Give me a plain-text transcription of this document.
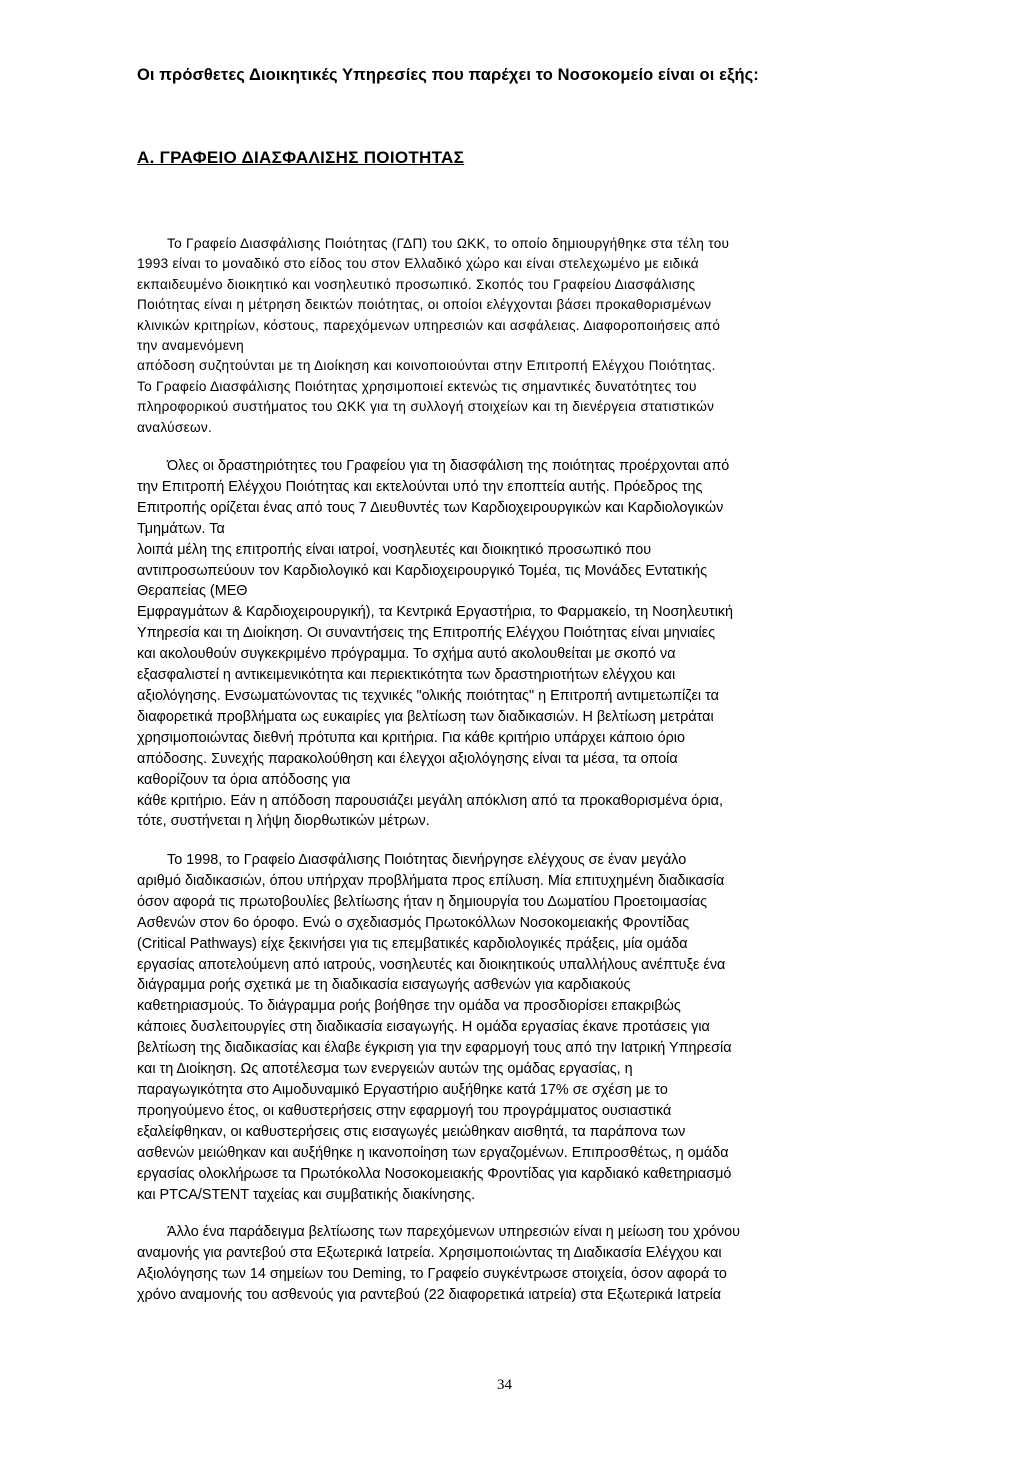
Οι πρόσθετες Διοικητικές Υπηρεσίες που παρέχει το Νοσοκομείο είναι οι εξής:
Α. ΓΡΑΦΕΙΟ ΔΙΑΣΦΑΛΙΣΗΣ ΠΟΙΟΤΗΤΑΣ
Το Γραφείο Διασφάλισης Ποιότητας (ΓΔΠ) του ΩΚΚ, το οποίο δημιουργήθηκε στα τέλη του
1993 είναι το μοναδικό στο είδος του στον Ελλαδικό χώρο και είναι στελεχωμένο με ειδικά
εκπαιδευμένο διοικητικό και νοσηλευτικό προσωπικό. Σκοπός του Γραφείου Διασφάλισης
Ποιότητας είναι η μέτρηση δεικτών ποιότητας, οι οποίοι ελέγχονται βάσει προκαθορισμένων
κλινικών κριτηρίων, κόστους, παρεχόμενων υπηρεσιών και ασφάλειας. Διαφοροποιήσεις από
την αναμενόμενη
απόδοση συζητούνται με τη Διοίκηση και κοινοποιούνται στην Επιτροπή Ελέγχου Ποιότητας.
Το Γραφείο Διασφάλισης Ποιότητας χρησιμοποιεί εκτενώς τις σημαντικές δυνατότητες του
πληροφορικού συστήματος του ΩΚΚ για τη συλλογή στοιχείων και τη διενέργεια στατιστικών
αναλύσεων.
Όλες οι δραστηριότητες του Γραφείου για τη διασφάλιση της ποιότητας προέρχονται από
την Επιτροπή Ελέγχου Ποιότητας και εκτελούνται υπό την εποπτεία αυτής. Πρόεδρος της
Επιτροπής ορίζεται ένας από τους 7 Διευθυντές των Καρδιοχειρουργικών και Καρδιολογικών
Τμημάτων. Τα
λοιπά μέλη της επιτροπής είναι ιατροί, νοσηλευτές και διοικητικό προσωπικό που
αντιπροσωπεύουν τον Καρδιολογικό και Καρδιοχειρουργικό Τομέα, τις Μονάδες Εντατικής
Θεραπείας (ΜΕΘ
Εμφραγμάτων & Καρδιοχειρουργική), τα Κεντρικά Εργαστήρια, το Φαρμακείο, τη Νοσηλευτική
Υπηρεσία και τη Διοίκηση. Οι συναντήσεις της Επιτροπής Ελέγχου Ποιότητας είναι μηνιαίες
και ακολουθούν συγκεκριμένο πρόγραμμα. Το σχήμα αυτό ακολουθείται με σκοπό να
εξασφαλιστεί η αντικειμενικότητα και περιεκτικότητα των δραστηριοτήτων ελέγχου και
αξιολόγησης. Ενσωματώνοντας τις τεχνικές "ολικής ποιότητας" η Επιτροπή αντιμετωπίζει τα
διαφορετικά προβλήματα ως ευκαιρίες για βελτίωση των διαδικασιών. Η βελτίωση μετράται
χρησιμοποιώντας διεθνή πρότυπα και κριτήρια. Για κάθε κριτήριο υπάρχει κάποιο όριο
απόδοσης. Συνεχής παρακολούθηση και έλεγχοι αξιολόγησης είναι τα μέσα, τα οποία
καθορίζουν τα όρια απόδοσης για
κάθε κριτήριο. Εάν η απόδοση παρουσιάζει μεγάλη απόκλιση από τα προκαθορισμένα όρια,
τότε, συστήνεται η λήψη διορθωτικών μέτρων.
Το 1998, το Γραφείο Διασφάλισης Ποιότητας διενήργησε ελέγχους σε έναν μεγάλο
αριθμό διαδικασιών, όπου υπήρχαν προβλήματα προς επίλυση. Μία επιτυχημένη διαδικασία
όσον αφορά τις πρωτοβουλίες βελτίωσης ήταν η δημιουργία του Δωματίου Προετοιμασίας
Ασθενών στον 6ο όροφο. Ενώ ο σχεδιασμός Πρωτοκόλλων Νοσοκομειακής Φροντίδας
(Critical Pathways) είχε ξεκινήσει για τις επεμβατικές καρδιολογικές πράξεις, μία ομάδα
εργασίας αποτελούμενη από ιατρούς, νοσηλευτές και διοικητικούς υπαλλήλους ανέπτυξε ένα
διάγραμμα ροής σχετικά με τη διαδικασία εισαγωγής ασθενών για καρδιακούς
καθετηριασμούς. Το διάγραμμα ροής βοήθησε την ομάδα να προσδιορίσει επακριβώς
κάποιες δυσλειτουργίες στη διαδικασία εισαγωγής. Η ομάδα εργασίας έκανε προτάσεις για
βελτίωση της διαδικασίας και έλαβε έγκριση για την εφαρμογή τους από την Ιατρική Υπηρεσία
και τη Διοίκηση. Ως αποτέλεσμα των ενεργειών αυτών της ομάδας εργασίας, η
παραγωγικότητα στο Αιμοδυναμικό Εργαστήριο αυξήθηκε κατά 17% σε σχέση με το
προηγούμενο έτος, οι καθυστερήσεις στην εφαρμογή του προγράμματος ουσιαστικά
εξαλείφθηκαν, οι καθυστερήσεις στις εισαγωγές μειώθηκαν αισθητά, τα παράπονα των
ασθενών μειώθηκαν και αυξήθηκε η ικανοποίηση των εργαζομένων. Επιπροσθέτως, η ομάδα
εργασίας ολοκλήρωσε τα Πρωτόκολλα Νοσοκομειακής Φροντίδας για καρδιακό καθετηριασμό
και PTCA/STENT ταχείας και συμβατικής διακίνησης.
Άλλο ένα παράδειγμα βελτίωσης των παρεχόμενων υπηρεσιών είναι η μείωση του χρόνου
αναμονής για ραντεβού στα Εξωτερικά Ιατρεία. Χρησιμοποιώντας τη Διαδικασία Ελέγχου και
Αξιολόγησης των 14 σημείων του Deming, το Γραφείο συγκέντρωσε στοιχεία, όσον αφορά το
χρόνο αναμονής του ασθενούς για ραντεβού (22 διαφορετικά ιατρεία) στα Εξωτερικά Ιατρεία
34
